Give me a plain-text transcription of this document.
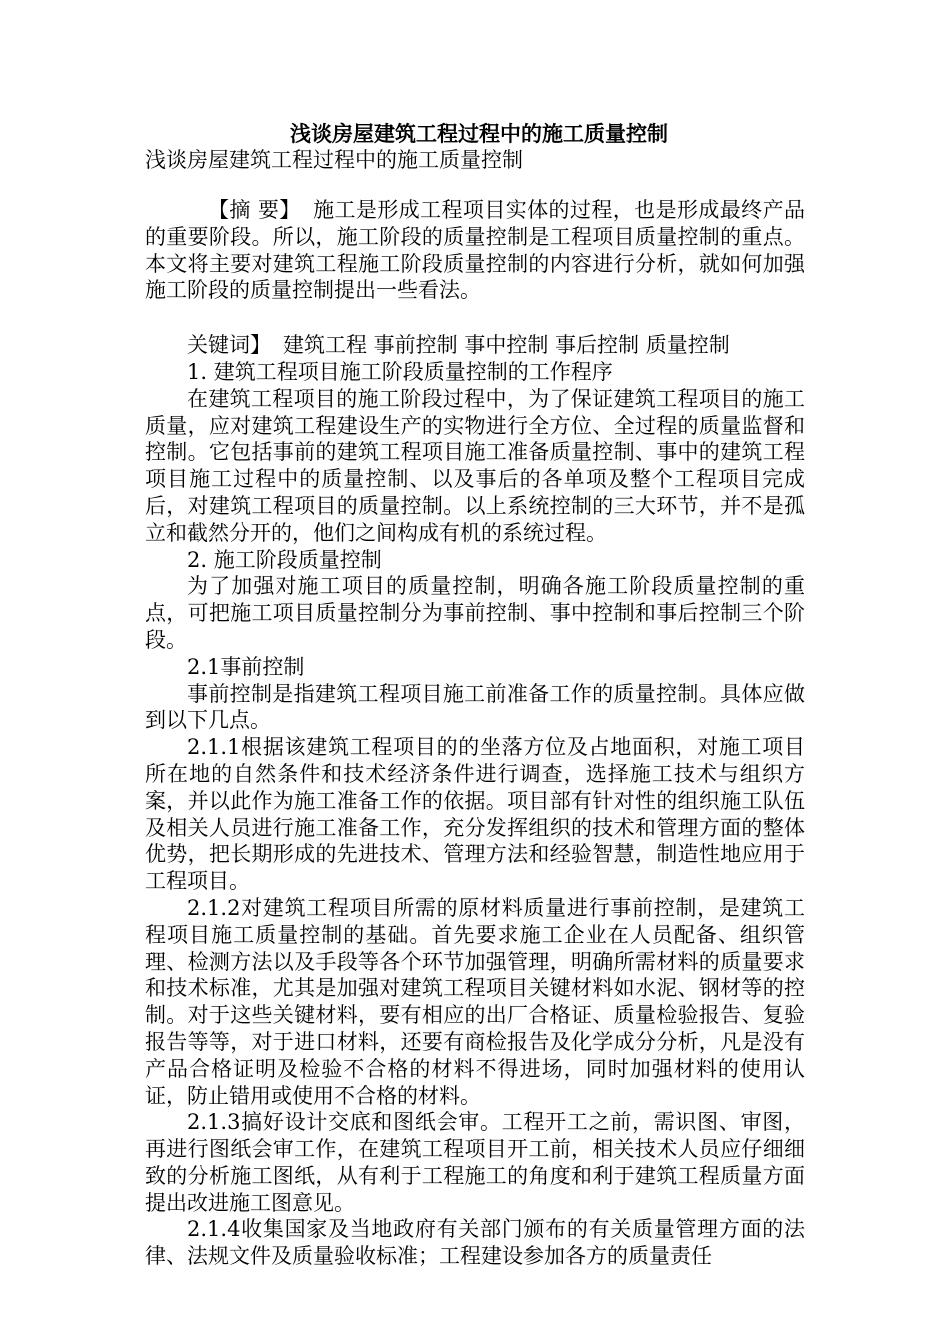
浅谈房屋建筑工程过程中的施工质量控制
浅谈房屋建筑工程过程中的施工质量控制

【摘 要】 施工是形成工程项目实体的过程，也是形成最终产品的重要阶段。所以，施工阶段的质量控制是工程项目质量控制的重点。本文将主要对建筑工程施工阶段质量控制的内容进行分析，就如何加强施工阶段的质量控制提出一些看法。

关键词】 建筑工程 事前控制 事中控制 事后控制 质量控制

1. 建筑工程项目施工阶段质量控制的工作程序

在建筑工程项目的施工阶段过程中，为了保证建筑工程项目的施工质量，应对建筑工程建设生产的实物进行全方位、全过程的质量监督和控制。它包括事前的建筑工程项目施工准备质量控制、事中的建筑工程项目施工过程中的质量控制、以及事后的各单项及整个工程项目完成后，对建筑工程项目的质量控制。以上系统控制的三大环节，并不是孤立和截然分开的，他们之间构成有机的系统过程。

2. 施工阶段质量控制

为了加强对施工项目的质量控制，明确各施工阶段质量控制的重点，可把施工项目质量控制分为事前控制、事中控制和事后控制三个阶段。

2.1事前控制

事前控制是指建筑工程项目施工前准备工作的质量控制。具体应做到以下几点。

2.1.1根据该建筑工程项目的的坐落方位及占地面积，对施工项目所在地的自然条件和技术经济条件进行调查，选择施工技术与组织方案，并以此作为施工准备工作的依据。项目部有针对性的组织施工队伍及相关人员进行施工准备工作，充分发挥组织的技术和管理方面的整体优势，把长期形成的先进技术、管理方法和经验智慧，制造性地应用于工程项目。

2.1.2对建筑工程项目所需的原材料质量进行事前控制，是建筑工程项目施工质量控制的基础。首先要求施工企业在人员配备、组织管理、检测方法以及手段等各个环节加强管理，明确所需材料的质量要求和技术标准，尤其是加强对建筑工程项目关键材料如水泥、钢材等的控制。对于这些关键材料，要有相应的出厂合格证、质量检验报告、复验报告等等，对于进口材料，还要有商检报告及化学成分分析，凡是没有产品合格证明及检验不合格的材料不得进场，同时加强材料的使用认证，防止错用或使用不合格的材料。

2.1.3搞好设计交底和图纸会审。工程开工之前，需识图、审图，再进行图纸会审工作，在建筑工程项目开工前，相关技术人员应仔细细致的分析施工图纸，从有利于工程施工的角度和利于建筑工程质量方面提出改进施工图意见。

2.1.4收集国家及当地政府有关部门颁布的有关质量管理方面的法律、法规文件及质量验收标准；工程建设参加各方的质量责任
